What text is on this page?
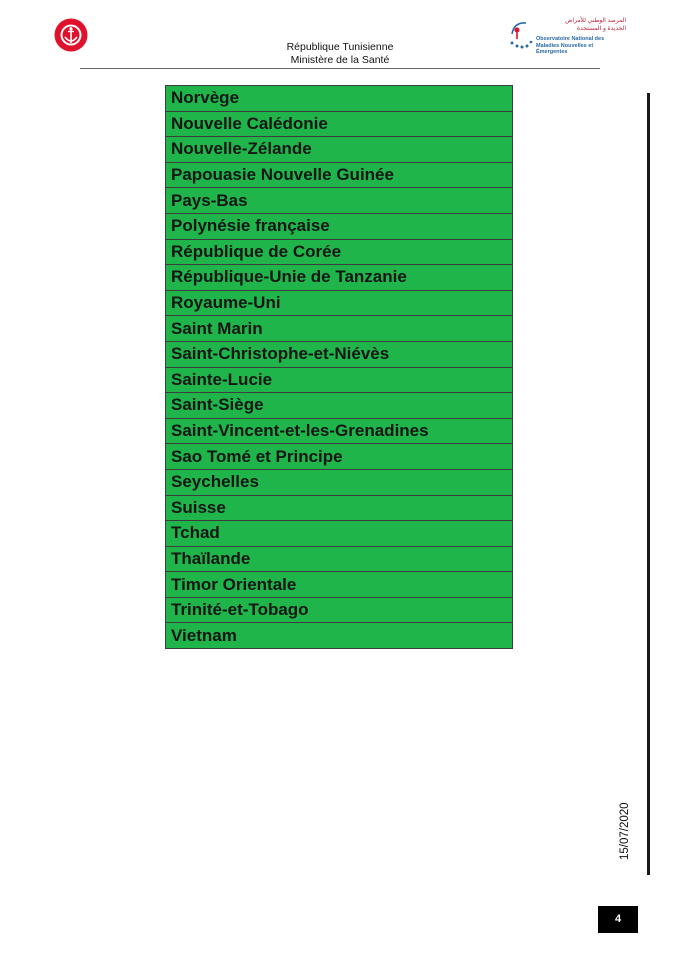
République Tunisienne
Ministère de la Santé
المرصد الوطني للأمراض
الجديدة و المستجدة
Observatoire National des
Maladies Nouvelles et Émergentes
Norvège
Nouvelle Calédonie
Nouvelle-Zélande
Papouasie Nouvelle Guinée
Pays-Bas
Polynésie française
République de Corée
République-Unie de Tanzanie
Royaume-Uni
Saint Marin
Saint-Christophe-et-Niévès
Sainte-Lucie
Saint-Siège
Saint-Vincent-et-les-Grenadines
Sao Tomé et Principe
Seychelles
Suisse
Tchad
Thaïlande
Timor Orientale
Trinité-et-Tobago
Vietnam
15/07/2020
4
